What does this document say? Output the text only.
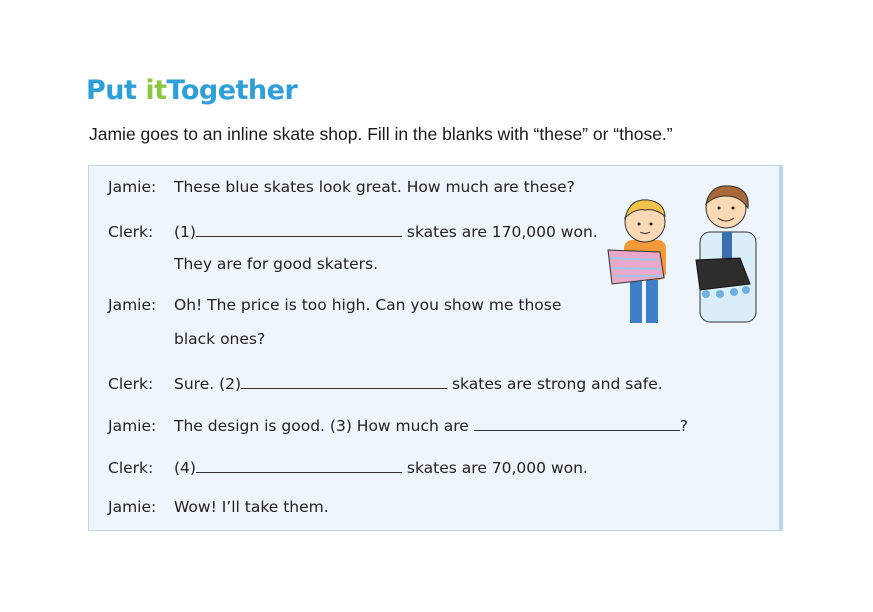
Put itTogether
Jamie goes to an inline skate shop. Fill in the blanks with “these” or “those.”
Jamie: These blue skates look great. How much are these?
Clerk: (1)	skates are 170,000 won.
They are for good skaters.
Jamie: Oh! The price is too high. Can you show me those
black ones?
Clerk: Sure. (2)	skates are strong and safe.
Jamie: The design is good. (3) How much are	?
Clerk: (4)	skates are 70,000 won.
Jamie: Wow! I’ll take them.
